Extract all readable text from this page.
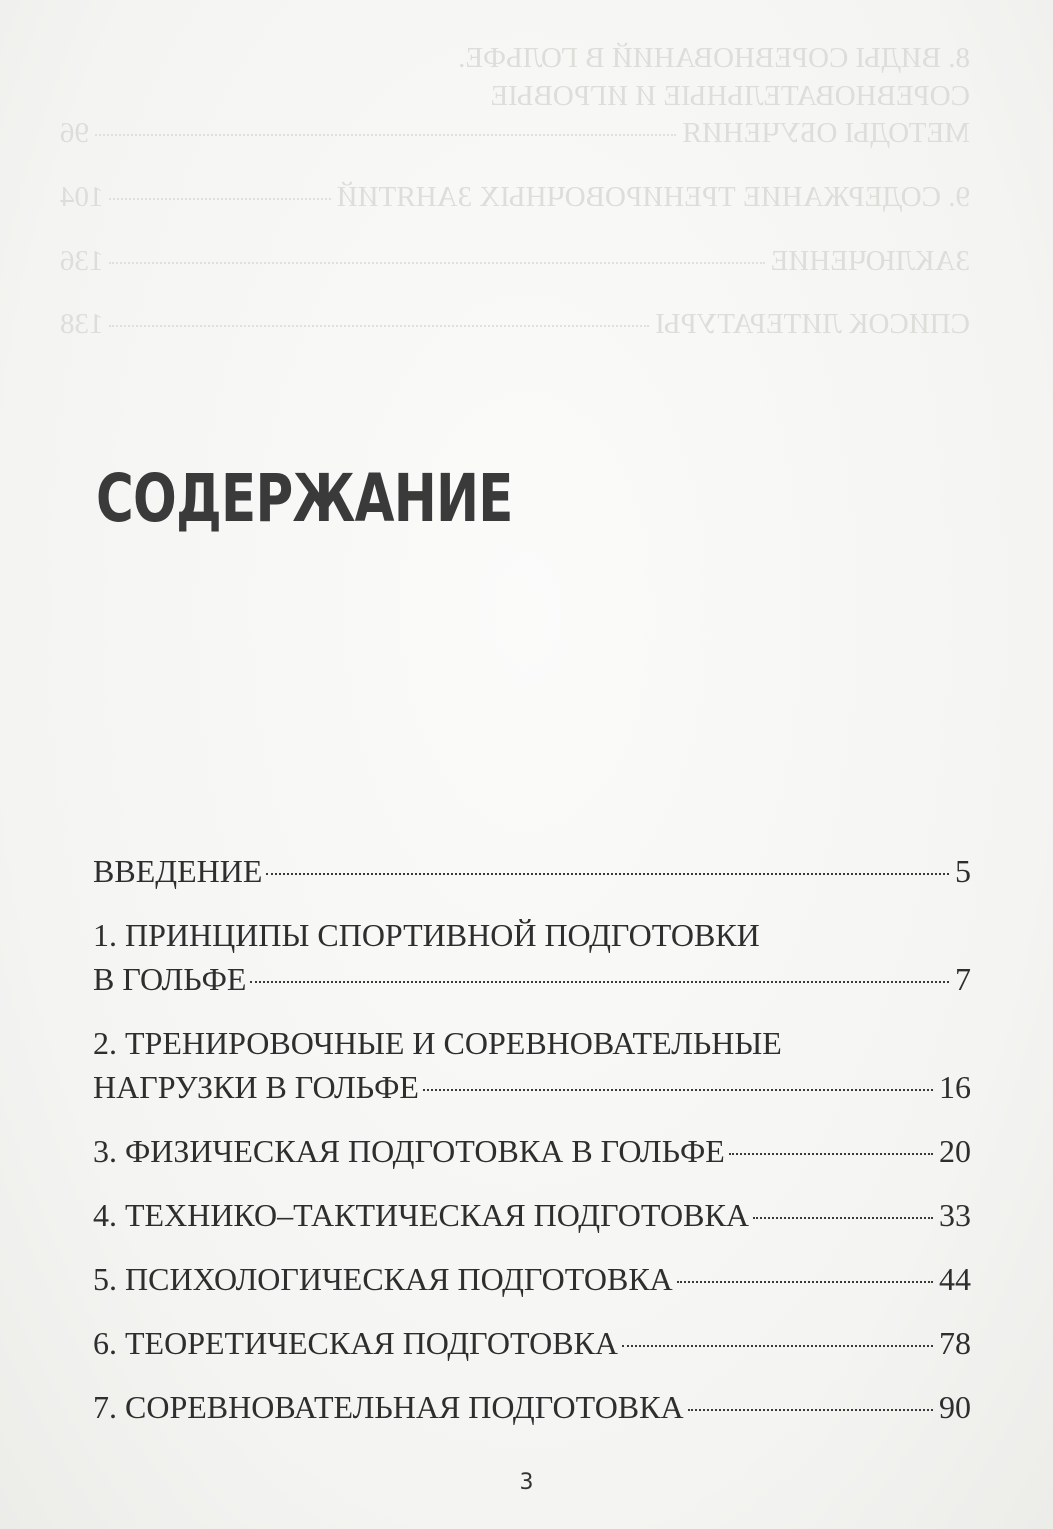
8. ВИДЫ СОРЕВНОВАНИЙ В ГОЛЬФЕ.
СОРЕВНОВАТЕЛЬНЫЕ И ИГРОВЫЕ
МЕТОДЫ ОБУЧЕНИЯ
96
9. СОДЕРЖАНИЕ ТРЕНИРОВОЧНЫХ ЗАНЯТИЙ
104
ЗАКЛЮЧЕНИЕ
136
СПИСОК ЛИТЕРАТУРЫ
138
СОДЕРЖАНИЕ
ВВЕДЕНИЕ	5
1. ПРИНЦИПЫ СПОРТИВНОЙ ПОДГОТОВКИ
В ГОЛЬФЕ	7
2. ТРЕНИРОВОЧНЫЕ И СОРЕВНОВАТЕЛЬНЫЕ
НАГРУЗКИ В ГОЛЬФЕ	16
3. ФИЗИЧЕСКАЯ ПОДГОТОВКА В ГОЛЬФЕ	20
4. ТЕХНИКО–ТАКТИЧЕСКАЯ ПОДГОТОВКА	33
5. ПСИХОЛОГИЧЕСКАЯ ПОДГОТОВКА	44
6. ТЕОРЕТИЧЕСКАЯ ПОДГОТОВКА	78
7. СОРЕВНОВАТЕЛЬНАЯ ПОДГОТОВКА	90
3
